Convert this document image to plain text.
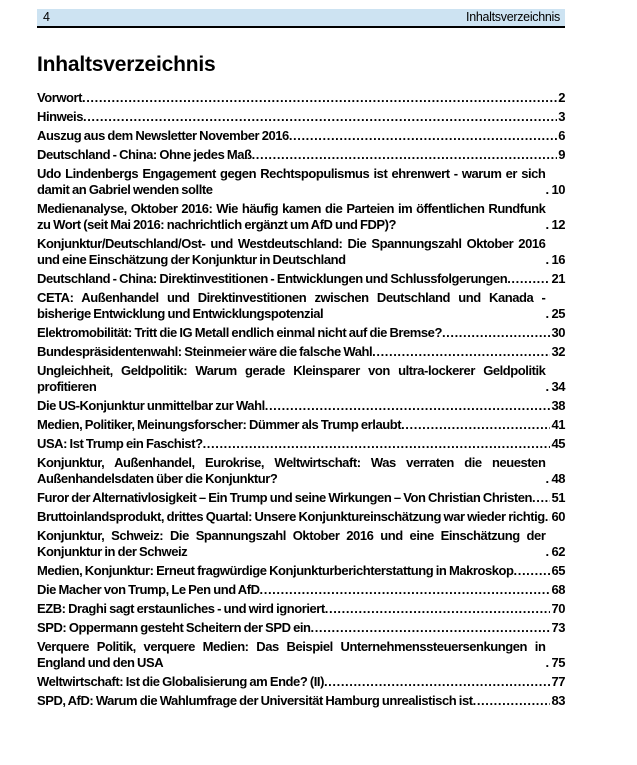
4	Inhaltsverzeichnis
Inhaltsverzeichnis
Vorwort .....	2
Hinweis .....	3
Auszug aus dem Newsletter November 2016 .....	6
Deutschland - China: Ohne jedes Maß .....	9
Udo Lindenbergs Engagement gegen Rechtspopulismus ist ehrenwert - warum er sich damit an Gabriel wenden sollte .....	10
Medienanalyse, Oktober 2016: Wie häufig kamen die Parteien im öffentlichen Rundfunk zu Wort (seit Mai 2016: nachrichtlich ergänzt um AfD und FDP)? .....	12
Konjunktur/Deutschland/Ost- und Westdeutschland: Die Spannungszahl Oktober 2016 und eine Einschätzung der Konjunktur in Deutschland .....	16
Deutschland - China: Direktinvestitionen - Entwicklungen und Schlussfolgerungen .....	21
CETA: Außenhandel und Direktinvestitionen zwischen Deutschland und Kanada - bisherige Entwicklung und Entwicklungspotenzial .....	25
Elektromobilität: Tritt die IG Metall endlich einmal nicht auf die Bremse? .....	30
Bundespräsidentenwahl: Steinmeier wäre die falsche Wahl .....	32
Ungleichheit, Geldpolitik: Warum gerade Kleinsparer von ultra-lockerer Geldpolitik profitieren .....	34
Die US-Konjunktur unmittelbar zur Wahl .....	38
Medien, Politiker, Meinungsforscher: Dümmer als Trump erlaubt .....	41
USA: Ist Trump ein Faschist? .....	45
Konjunktur, Außenhandel, Eurokrise, Weltwirtschaft: Was verraten die neuesten Außenhandelsdaten über die Konjunktur? .....	48
Furor der Alternativlosigkeit – Ein Trump und seine Wirkungen – Von Christian Christen ..... 51
Bruttoinlandsprodukt, drittes Quartal: Unsere Konjunktureinschätzung war wieder richtig ..... 60
Konjunktur, Schweiz: Die Spannungszahl Oktober 2016 und eine Einschätzung der Konjunktur in der Schweiz .....	62
Medien, Konjunktur: Erneut fragwürdige Konjunkturberichterstattung in Makroskop .....	65
Die Macher von Trump, Le Pen und AfD .....	68
EZB: Draghi sagt erstaunliches - und wird ignoriert .....	70
SPD: Oppermann gesteht Scheitern der SPD ein .....	73
Verquere Politik, verquere Medien: Das Beispiel Unternehmenssteuersenkungen in England und den USA .....	75
Weltwirtschaft: Ist die Globalisierung am Ende? (II) .....	77
SPD, AfD: Warum die Wahlumfrage der Universität Hamburg unrealistisch ist .....	83
